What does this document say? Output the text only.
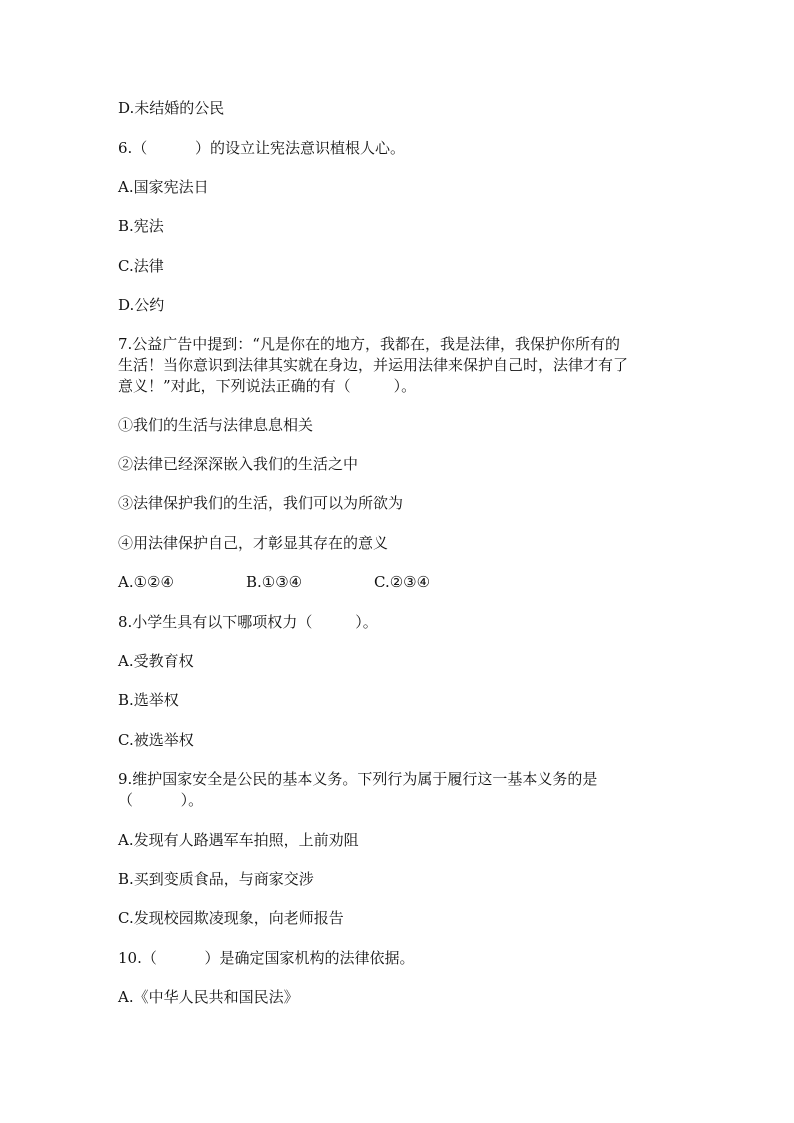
D.未结婚的公民
6.（          ）的设立让宪法意识植根人心。
A.国家宪法日
B.宪法
C.法律
D.公约
7.公益广告中提到：“凡是你在的地方，我都在，我是法律，我保护你所有的
生活！当你意识到法律其实就在身边，并运用法律来保护自己时，法律才有了
意义！”对此，下列说法正确的有（         ）。
①我们的生活与法律息息相关
②法律已经深深嵌入我们的生活之中
③法律保护我们的生活，我们可以为所欲为
④用法律保护自己，才彰显其存在的意义

A.①②④

	B.①③④

	C.②③④

8.小学生具有以下哪项权力（         ）。
A.受教育权
B.选举权
C.被选举权
9.维护国家安全是公民的基本义务。下列行为属于履行这一基本义务的是
（          ）。
A.发现有人路遇军车拍照，上前劝阻
B.买到变质食品，与商家交涉
C.发现校园欺凌现象，向老师报告
10.（          ）是确定国家机构的法律依据。
A.《中华人民共和国民法》
